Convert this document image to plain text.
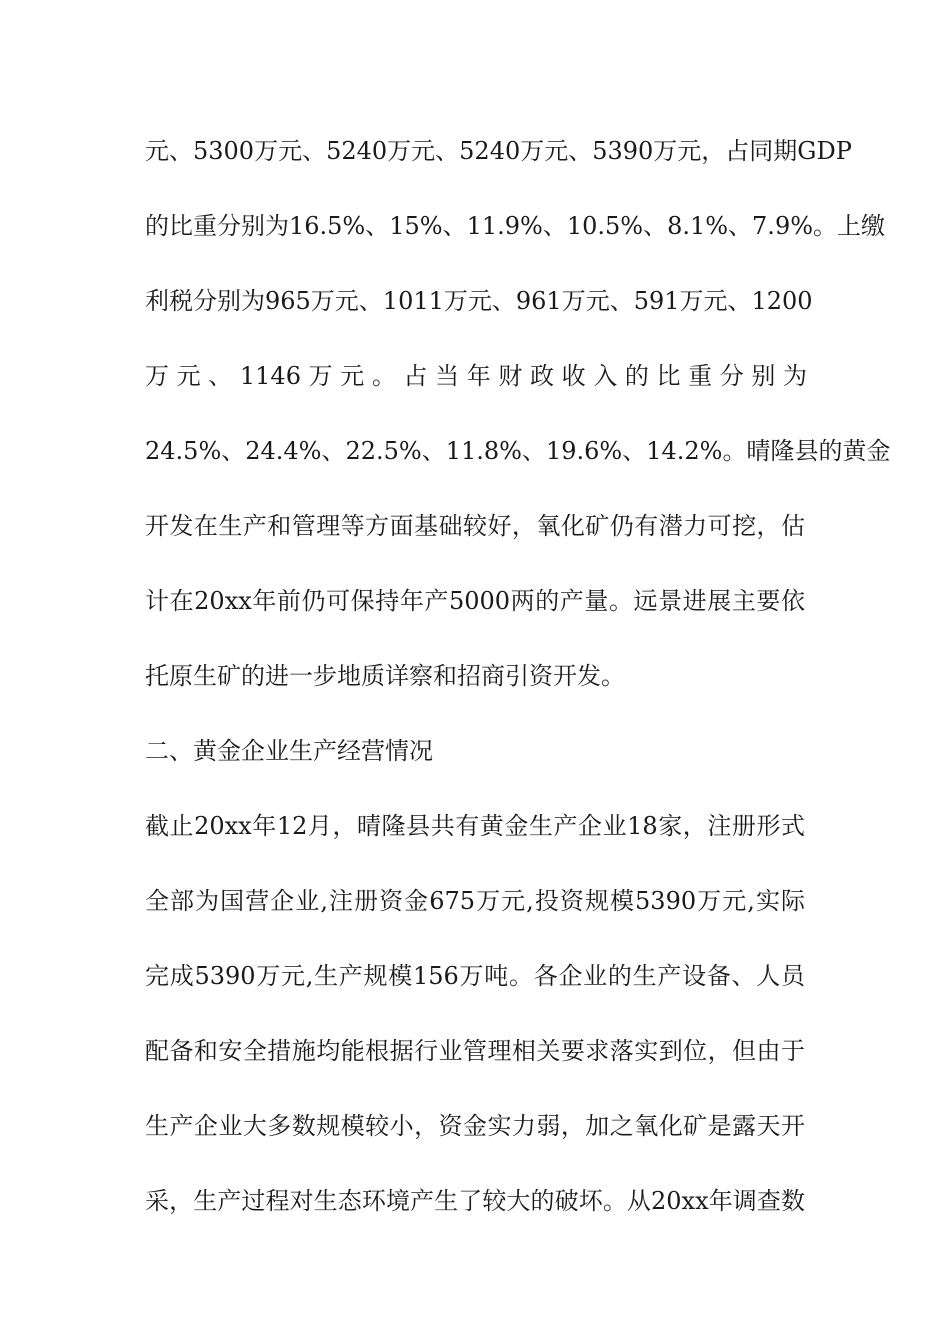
元、5300万元、5240万元、5240万元、5390万元，占同期GDP
的比重分别为16.5%、15%、11.9%、10.5%、8.1%、7.9%。上缴
利税分别为965万元、1011万元、961万元、591万元、1200
万 元 、 1146 万 元 。 占 当 年 财 政 收 入 的 比 重 分 别 为
24.5%、24.4%、22.5%、11.8%、19.6%、14.2%。晴隆县的黄金
开发在生产和管理等方面基础较好，氧化矿仍有潜力可挖，估
计在20xx年前仍可保持年产5000两的产量。远景进展主要依
托原生矿的进一步地质详察和招商引资开发。
二、黄金企业生产经营情况
截止20xx年12月，晴隆县共有黄金生产企业18家，注册形式
全部为国营企业,注册资金675万元,投资规模5390万元,实际
完成5390万元,生产规模156万吨。各企业的生产设备、人员
配备和安全措施均能根据行业管理相关要求落实到位，但由于
生产企业大多数规模较小，资金实力弱，加之氧化矿是露天开
采，生产过程对生态环境产生了较大的破坏。从20xx年调查数
